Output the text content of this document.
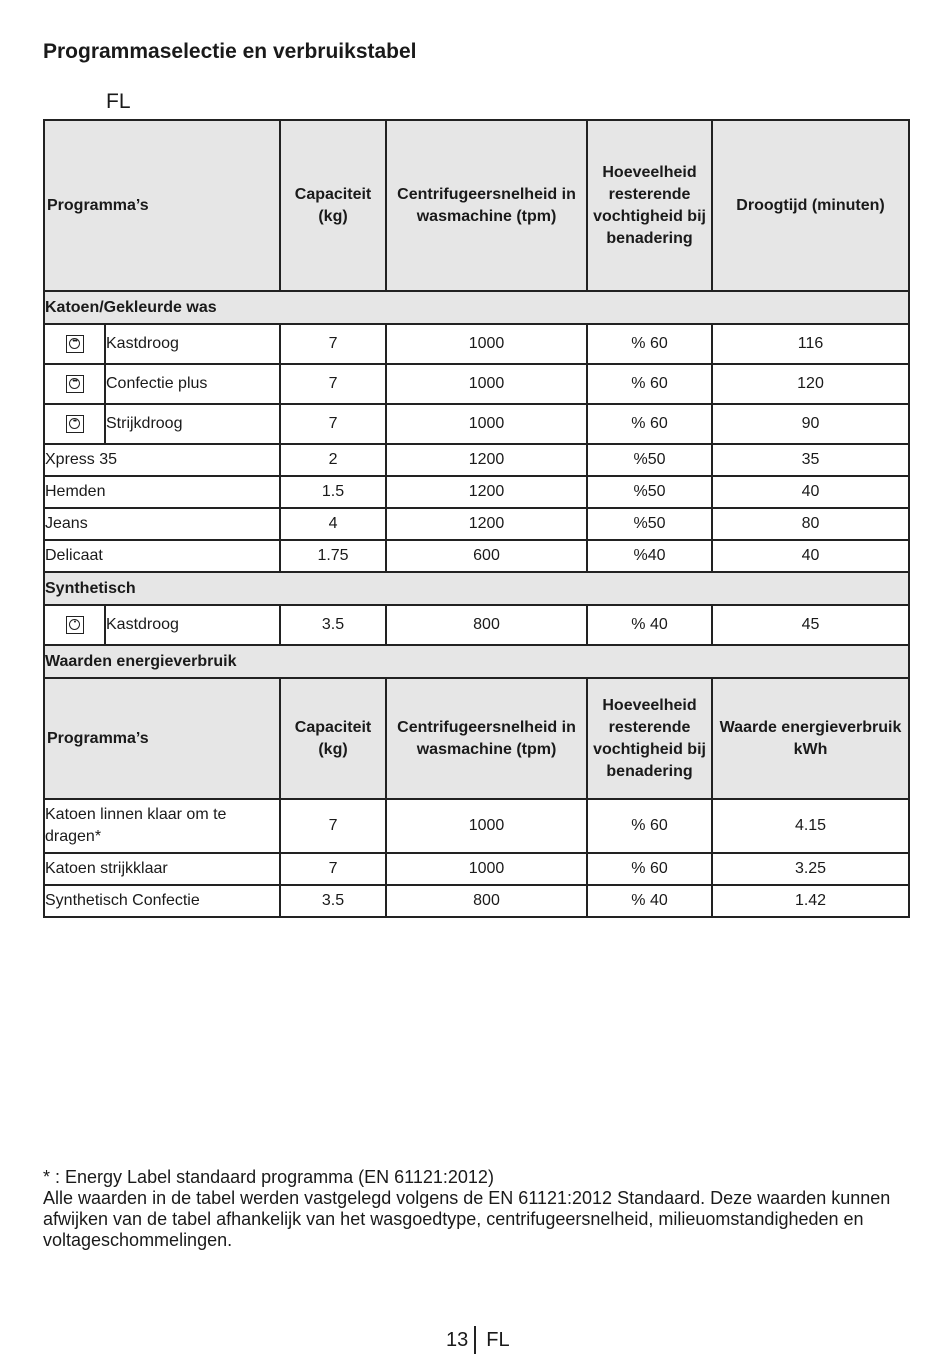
Programmaselectie en verbruikstabel
FL
Programma’s		Capaciteit (kg)	Centrifugeersnelheid in wasmachine (tpm)	Hoeveelheid resterende vochtigheid bij benadering	Droogtijd (minuten)
Katoen/Gekleurde was					

•••	Kastdroog	7	1000	% 60	116

•••	Confectie plus	7	1000	% 60	120

••	Strijkdroog	7	1000	% 60	90
Xpress 35		2	1200	%50	35
Hemden		1.5	1200	%50	40
Jeans		4	1200	%50	80
Delicaat		1.75	600	%40	40
Synthetisch					

•	Kastdroog	3.5	800	% 40	45
Waarden energieverbruik					
Programma’s		Capaciteit (kg)	Centrifugeersnelheid in wasmachine (tpm)	Hoeveelheid resterende vochtigheid bij benadering	Waarde energieverbruik kWh
Katoen linnen klaar om te dragen*		7	1000	% 60	4.15
Katoen strijkklaar		7	1000	% 60	3.25
Synthetisch Confectie		3.5	800	% 40	1.42
* : Energy Label standaard programma (EN 61121:2012)
Alle waarden in de tabel werden vastgelegd volgens de EN 61121:2012 Standaard. Deze waarden kunnen afwijken van de tabel afhankelijk van het wasgoedtype, centrifugeersnelheid, milieuomstandigheden en voltageschommelingen.
13 FL
